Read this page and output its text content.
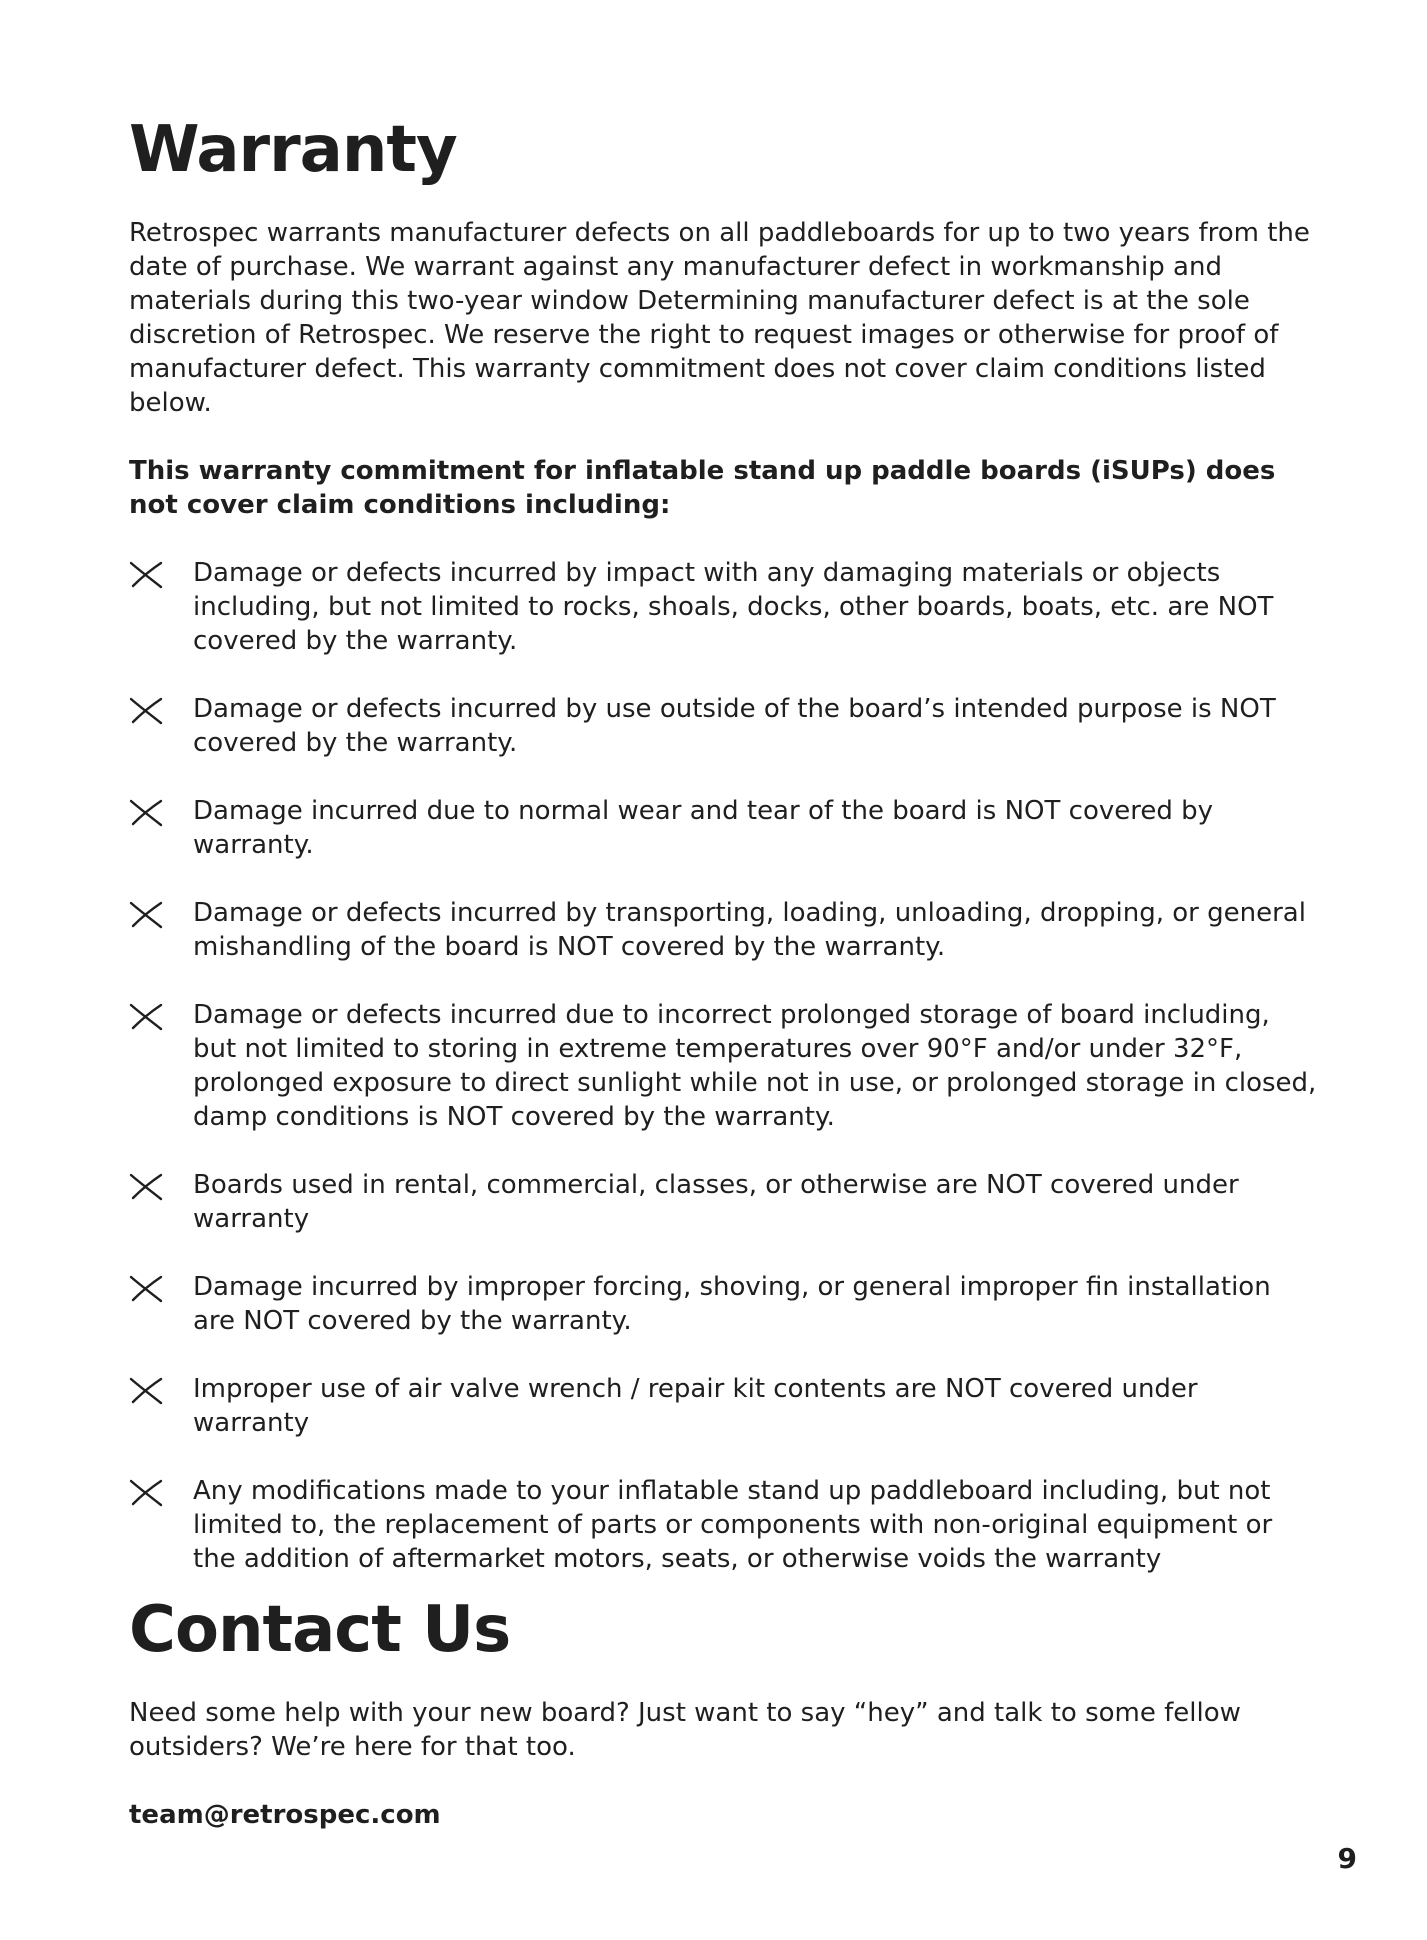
Warranty

Retrospec warrants manufacturer defects on all paddleboards for up to two years from the date of purchase. We warrant against any manufacturer defect in workmanship and materials during this two-year window Determining manufacturer defect is at the sole discretion of Retrospec. We reserve the right to request images or otherwise for proof of manufacturer defect. This warranty commitment does not cover claim conditions listed below.

This warranty commitment for inflatable stand up paddle boards (iSUPs) does not cover claim conditions including:

Damage or defects incurred by impact with any damaging materials or objects including, but not limited to rocks, shoals, docks, other boards, boats, etc. are NOT covered by the warranty.
Damage or defects incurred by use outside of the board’s intended purpose is NOT covered by the warranty.
Damage incurred due to normal wear and tear of the board is NOT covered by warranty.
Damage or defects incurred by transporting, loading, unloading, dropping, or general mishandling of the board is NOT covered by the warranty.
Damage or defects incurred due to incorrect prolonged storage of board including, but not limited to storing in extreme temperatures over 90°F and/or under 32°F, prolonged exposure to direct sunlight while not in use, or prolonged storage in closed, damp conditions is NOT covered by the warranty.
Boards used in rental, commercial, classes, or otherwise are NOT covered under warranty
Damage incurred by improper forcing, shoving, or general improper fin installation are NOT covered by the warranty.
Improper use of air valve wrench / repair kit contents are NOT covered under warranty
Any modifications made to your inflatable stand up paddleboard including, but not limited to, the replacement of parts or components with non-original equipment or the addition of aftermarket motors, seats, or otherwise voids the warranty
Contact Us

Need some help with your new board? Just want to say “hey” and talk to some fellow outsiders? We’re here for that too.

team@retrospec.com

9
